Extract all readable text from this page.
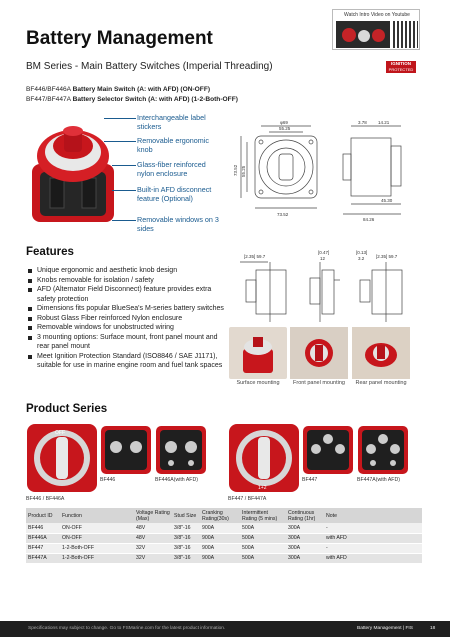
Battery Management
BM Series - Main Battery Switches (Imperial Threading)
BF446/BF446A Battery Main Switch (A: with AFD) (ON-OFF)
BF447/BF447A Battery Selector Switch (A: with AFD) (1-2-Both-OFF)
Watch Intro Video on Youtube
IGNITION
PROTECTED
Interchangeable label stickers
Removable ergonomic knob
Glass-fiber reinforced nylon enclosure
Built-in AFD disconnect feature (Optional)
Removable windows on 3 sides
φ69
55.25
73.52 55.25
73.52
3.78 14.21
45.30
84.26
[2.35] 59.7
[0.47]
12
[0.13]
3.2	[2.35] 59.7
Features
Unique ergonomic and aesthetic knob design
Knobs removable for isolation / safety
AFD (Alternator Field Disconnect) feature provides extra safety protection
Dimensions fits popular BlueSea's M-series battery switches
Robust Glass Fiber reinforced Nylon enclosure
Removable windows for unobstructed wiring
3 mounting options: Surface mount, front panel mount and rear panel mount
Meet Ignition Protection Standard (ISO8846 / SAE J1171), suitable for use in marine engine room and fuel tank spaces
Surface mounting	Front panel mounting	Rear panel mounting
Product Series
OFF
BF446	BF446A(with AFD)
BF446 / BF446A
1+2
BF447	BF447A(with AFD)
BF447 / BF447A
Product ID	Function	Voltage Rating (Max)	Stud Size	Cranking Rating(30s)	Intermittent Rating (5 mins)	Continuous Rating (1hr)	Note
BF446	ON-OFF	48V	3/8"-16	900A	500A	300A	-
BF446A	ON-OFF	48V	3/8"-16	900A	500A	300A	with AFD
BF447	1-2-Both-OFF	32V	3/8"-16	900A	500A	300A	-
BF447A	1-2-Both-OFF	32V	3/8"-16	900A	500A	300A	with AFD
Specifications may subject to change. Go to FSMarine.com for the latest product information.	Battery Management | FIS	18
